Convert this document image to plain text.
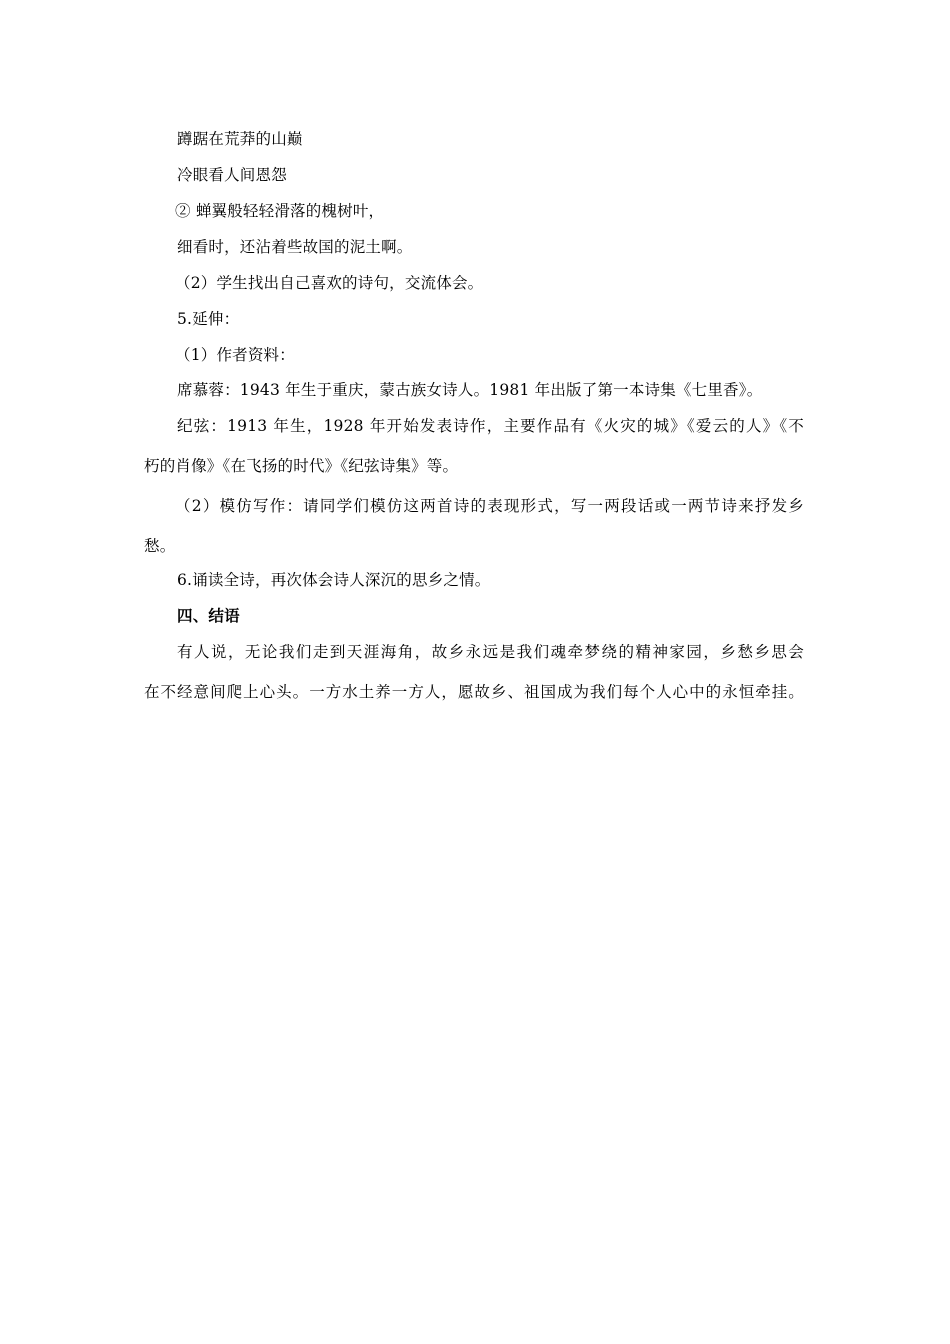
蹲踞在荒莽的山巅
冷眼看人间恩怨
② 蝉翼般轻轻滑落的槐树叶，
细看时，还沾着些故国的泥土啊。
（2）学生找出自己喜欢的诗句，交流体会。
5.延伸：
（1）作者资料：
席慕蓉：1943 年生于重庆，蒙古族女诗人。1981 年出版了第一本诗集《七里香》。
纪弦：1913 年生，1928 年开始发表诗作，主要作品有《火灾的城》《爱云的人》《不
朽的肖像》《在飞扬的时代》《纪弦诗集》等。
（2）模仿写作：请同学们模仿这两首诗的表现形式，写一两段话或一两节诗来抒发乡
愁。
6.诵读全诗，再次体会诗人深沉的思乡之情。
四、结语
有人说，无论我们走到天涯海角，故乡永远是我们魂牵梦绕的精神家园，乡愁乡思会
在不经意间爬上心头。一方水土养一方人，愿故乡、祖国成为我们每个人心中的永恒牵挂。
